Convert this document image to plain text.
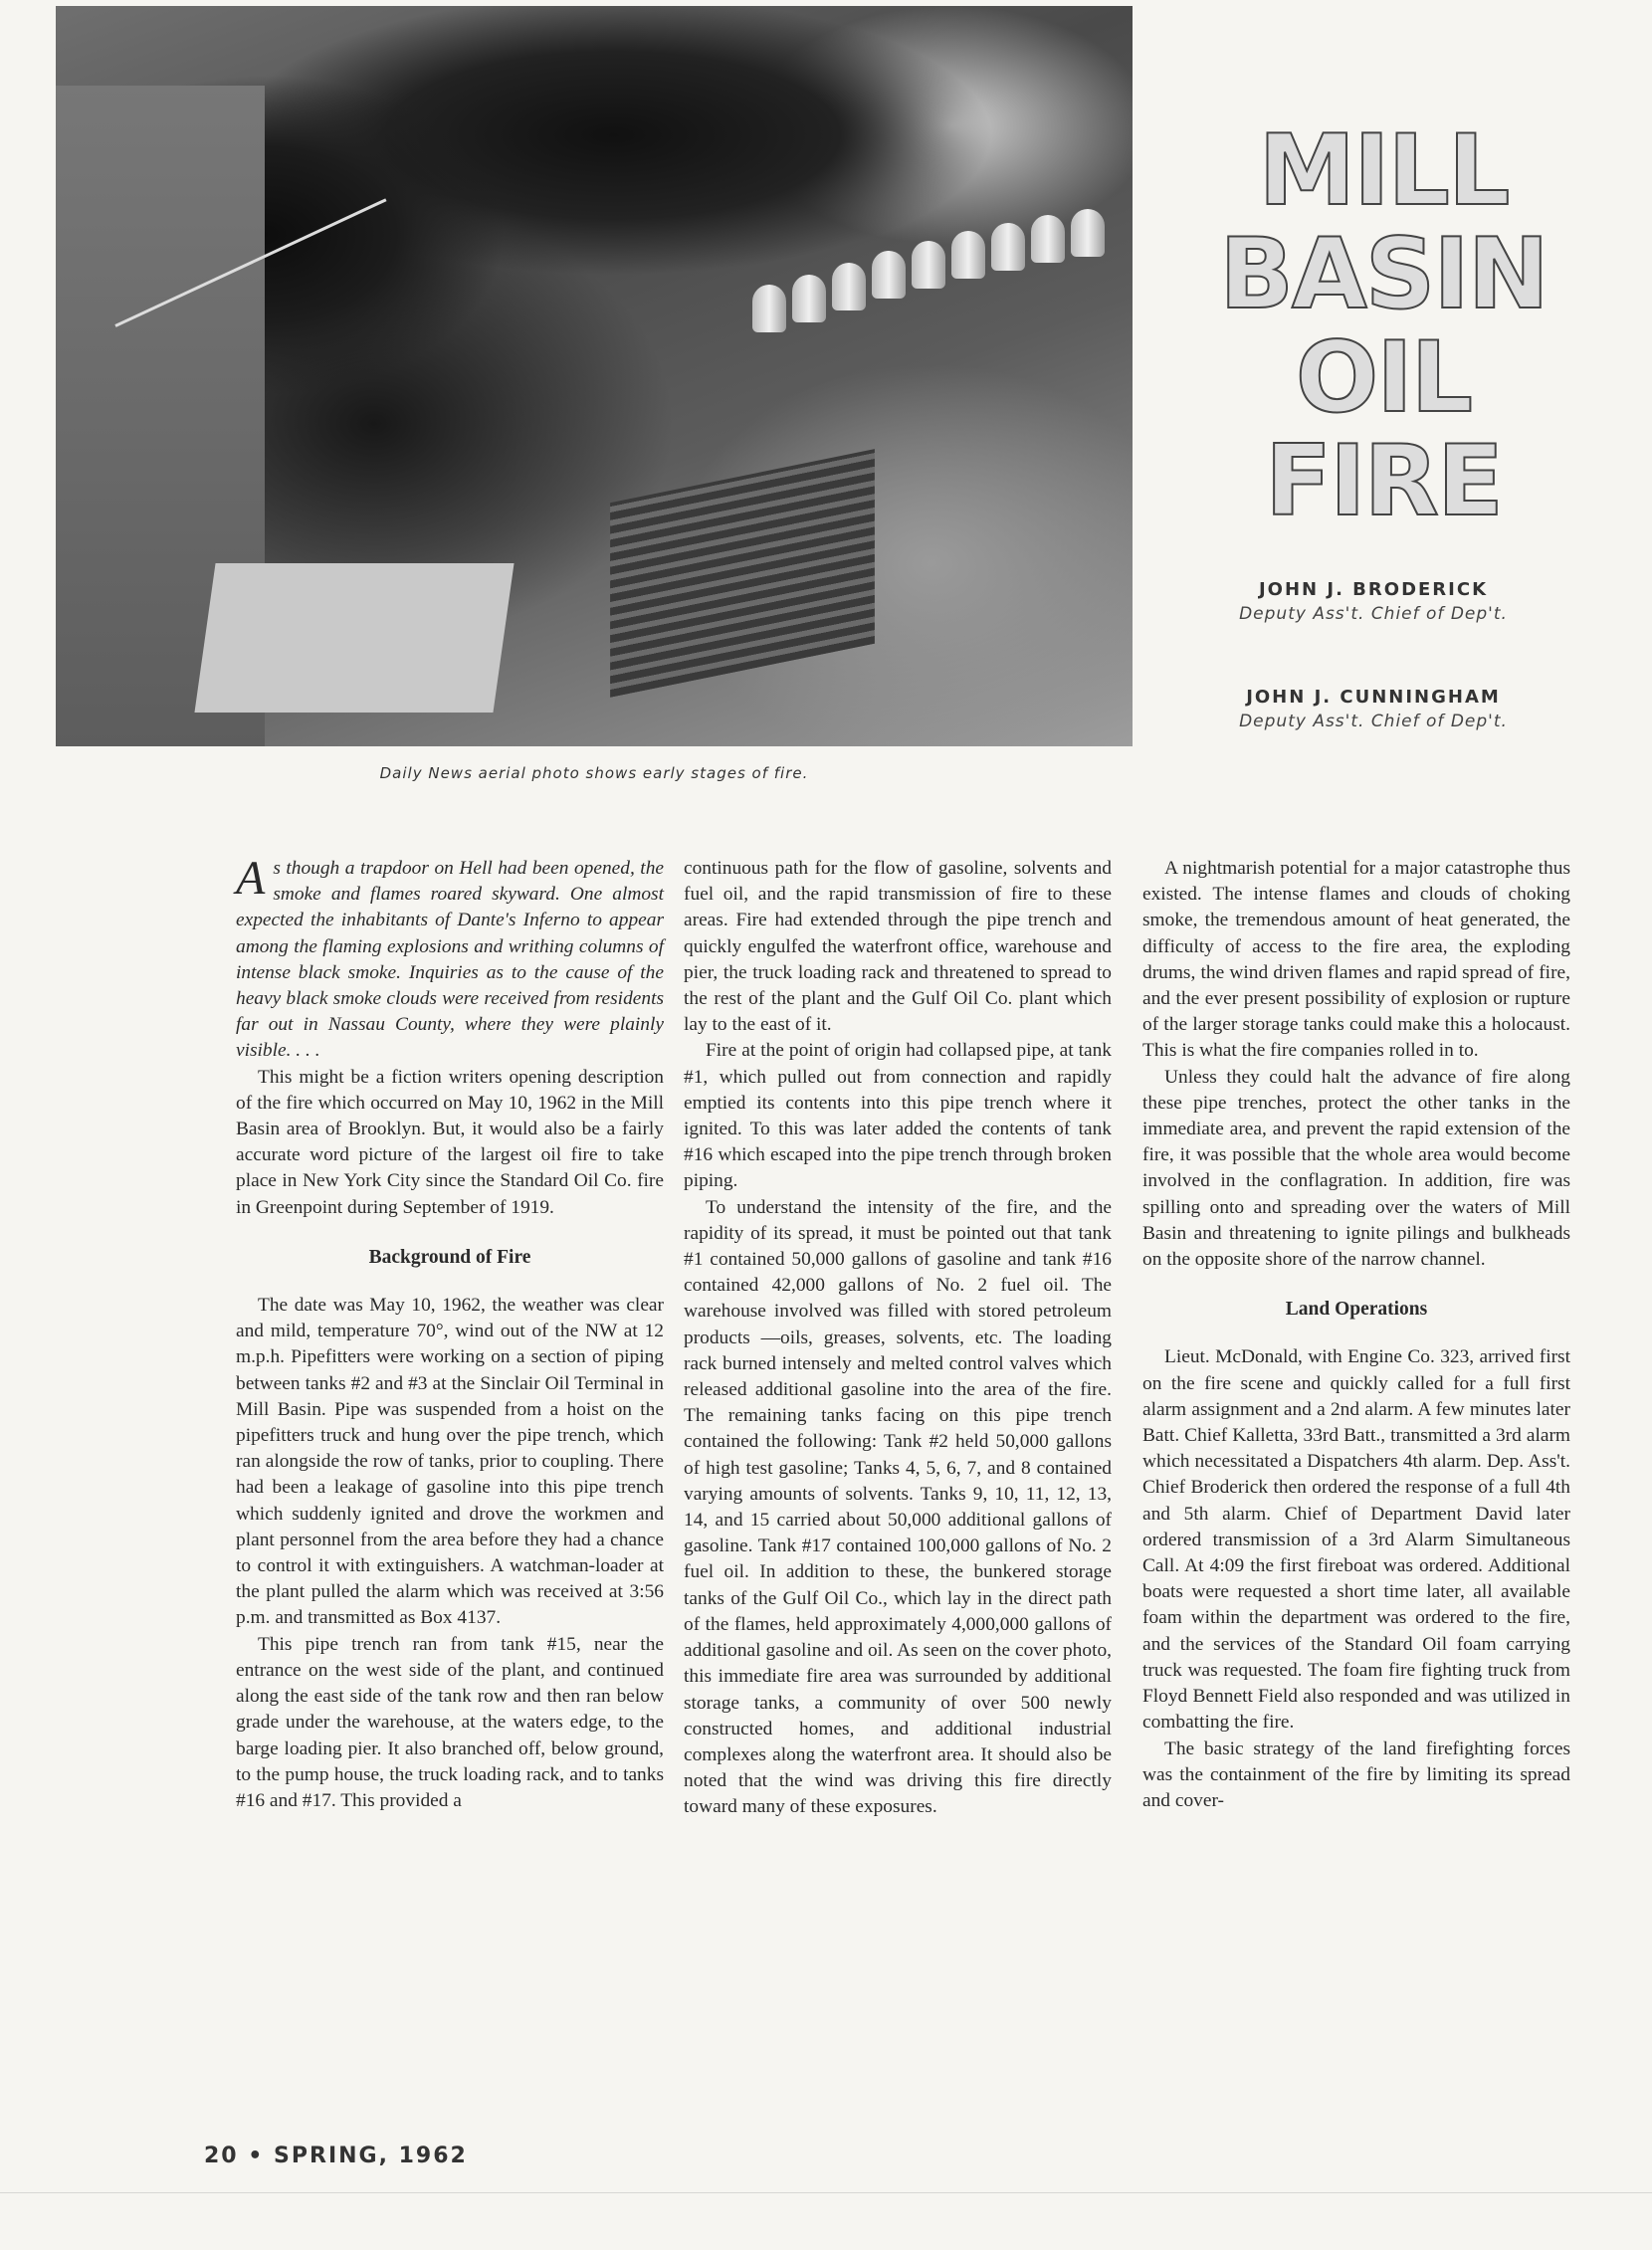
Daily News aerial photo shows early stages of fire.
MILL
BASIN
OIL
FIRE
JOHN J. BRODERICK
Deputy Ass't. Chief of Dep't.
JOHN J. CUNNINGHAM
Deputy Ass't. Chief of Dep't.

As though a trapdoor on Hell had been opened, the smoke and flames roared skyward. One almost expected the inhabitants of Dante's Inferno to appear among the flaming explosions and writhing columns of intense black smoke. Inquiries as to the cause of the heavy black smoke clouds were received from residents far out in Nassau County, where they were plainly visible. . . .

This might be a fiction writers opening description of the fire which occurred on May 10, 1962 in the Mill Basin area of Brooklyn. But, it would also be a fairly accurate word picture of the largest oil fire to take place in New York City since the Standard Oil Co. fire in Greenpoint during September of 1919.

Background of Fire

The date was May 10, 1962, the weather was clear and mild, temperature 70°, wind out of the NW at 12 m.p.h. Pipefitters were working on a section of piping between tanks #2 and #3 at the Sinclair Oil Terminal in Mill Basin. Pipe was suspended from a hoist on the pipefitters truck and hung over the pipe trench, which ran alongside the row of tanks, prior to coupling. There had been a leakage of gasoline into this pipe trench which suddenly ignited and drove the workmen and plant personnel from the area before they had a chance to control it with extinguishers. A watchman-loader at the plant pulled the alarm which was received at 3:56 p.m. and transmitted as Box 4137.

This pipe trench ran from tank #15, near the entrance on the west side of the plant, and continued along the east side of the tank row and then ran below grade under the warehouse, at the waters edge, to the barge loading pier. It also branched off, below ground, to the pump house, the truck loading rack, and to tanks #16 and #17. This provided a

continuous path for the flow of gasoline, solvents and fuel oil, and the rapid transmission of fire to these areas. Fire had extended through the pipe trench and quickly engulfed the waterfront office, warehouse and pier, the truck loading rack and threatened to spread to the rest of the plant and the Gulf Oil Co. plant which lay to the east of it.

Fire at the point of origin had collapsed pipe, at tank #1, which pulled out from connection and rapidly emptied its contents into this pipe trench where it ignited. To this was later added the contents of tank #16 which escaped into the pipe trench through broken piping.

To understand the intensity of the fire, and the rapidity of its spread, it must be pointed out that tank #1 contained 50,000 gallons of gasoline and tank #16 contained 42,000 gallons of No. 2 fuel oil. The warehouse involved was filled with stored petroleum products —oils, greases, solvents, etc. The loading rack burned intensely and melted control valves which released additional gasoline into the area of the fire. The remaining tanks facing on this pipe trench contained the following: Tank #2 held 50,000 gallons of high test gasoline; Tanks 4, 5, 6, 7, and 8 contained varying amounts of solvents. Tanks 9, 10, 11, 12, 13, 14, and 15 carried about 50,000 additional gallons of gasoline. Tank #17 contained 100,000 gallons of No. 2 fuel oil. In addition to these, the bunkered storage tanks of the Gulf Oil Co., which lay in the direct path of the flames, held approximately 4,000,000 gallons of additional gasoline and oil. As seen on the cover photo, this immediate fire area was surrounded by additional storage tanks, a community of over 500 newly constructed homes, and additional industrial complexes along the waterfront area. It should also be noted that the wind was driving this fire directly toward many of these exposures.

A nightmarish potential for a major catastrophe thus existed. The intense flames and clouds of choking smoke, the tremendous amount of heat generated, the difficulty of access to the fire area, the exploding drums, the wind driven flames and rapid spread of fire, and the ever present possibility of explosion or rupture of the larger storage tanks could make this a holocaust. This is what the fire companies rolled in to.

Unless they could halt the advance of fire along these pipe trenches, protect the other tanks in the immediate area, and prevent the rapid extension of the fire, it was possible that the whole area would become involved in the conflagration. In addition, fire was spilling onto and spreading over the waters of Mill Basin and threatening to ignite pilings and bulkheads on the opposite shore of the narrow channel.

Land Operations

Lieut. McDonald, with Engine Co. 323, arrived first on the fire scene and quickly called for a full first alarm assignment and a 2nd alarm. A few minutes later Batt. Chief Kalletta, 33rd Batt., transmitted a 3rd alarm which necessitated a Dispatchers 4th alarm. Dep. Ass't. Chief Broderick then ordered the response of a full 4th and 5th alarm. Chief of Department David later ordered transmission of a 3rd Alarm Simultaneous Call. At 4:09 the first fireboat was ordered. Additional boats were requested a short time later, all available foam within the department was ordered to the fire, and the services of the Standard Oil foam carrying truck was requested. The foam fire fighting truck from Floyd Bennett Field also responded and was utilized in combatting the fire.

The basic strategy of the land firefighting forces was the containment of the fire by limiting its spread and cover-

20 • SPRING, 1962
